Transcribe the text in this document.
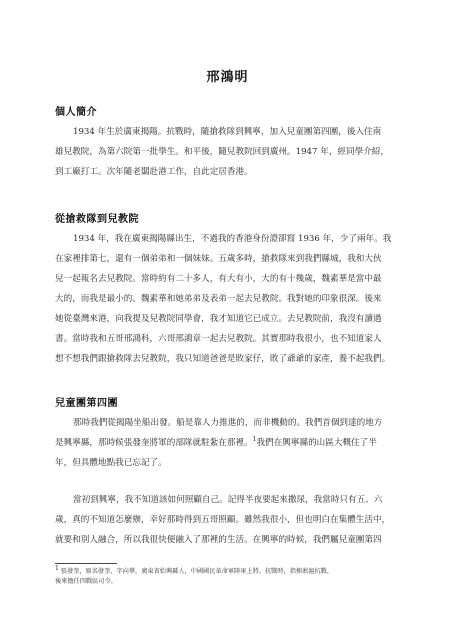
邢鴻明
個人簡介
1934 年生於廣東揭陽。抗戰時，隨搶救隊到興寧，加入兒童團第四團，後入住南
雄兒教院，為第六院第一批學生。和平後，隨兒教院回到廣州。1947 年，經同學介紹，
到工廠打工。次年隨老闆赴港工作，自此定居香港。
從搶救隊到兒教院
1934 年，我在廣東揭陽縣出生，不過我的香港身份證卻寫 1936 年，少了兩年。我
在家裡排第七，還有一個弟弟和一個妹妹。五歲多時，搶救隊來到我們縣城，我和大伙
兒一起報名去兒教院。當時約有二十多人，有大有小，大的有十幾歲，魏素華是當中最
大的，而我是最小的。魏素華和她弟弟及表弟一起去兒教院。我對她的印象很深。後來
她從臺灣來港，向我提及兒教院同學會，我才知道它已成立。去兒教院前，我沒有讀過
書。當時我和五哥邢鴻科，六哥邢鴻章一起去兒教院。其實那時我很小，也不知道家人
想不想我們跟搶救隊去兒教院，我只知道爸爸是敗家仔，敗了爺爺的家產，養不起我們。
兒童團第四團
那時我們從揭陽坐船出發。船是靠人力推進的，而非機動的。我們首個到達的地方
是興寧縣，那時候張發奎將軍的部隊就駐紮在那裡。$^1$我們在興寧縣的山區大概住了半
年，但具體地點我已忘記了。
當初到興寧，我不知道該如何照顧自己。記得半夜要起來撒尿，我當時只有五、六
歲，真的不知道怎麼辦，幸好那時得到五哥照顧。雖然我很小，但也明白在集體生活中，
就要和別人融合，所以我很快便融入了那裡的生活。在興寧的時候，我們屬兒童團第四
1 張發奎，原名發奎，字向華，廣東省始興縣人，中國國民革命軍陸軍上將。抗戰時，指揮淞滬抗戰，
後來擔任四戰區司令。
